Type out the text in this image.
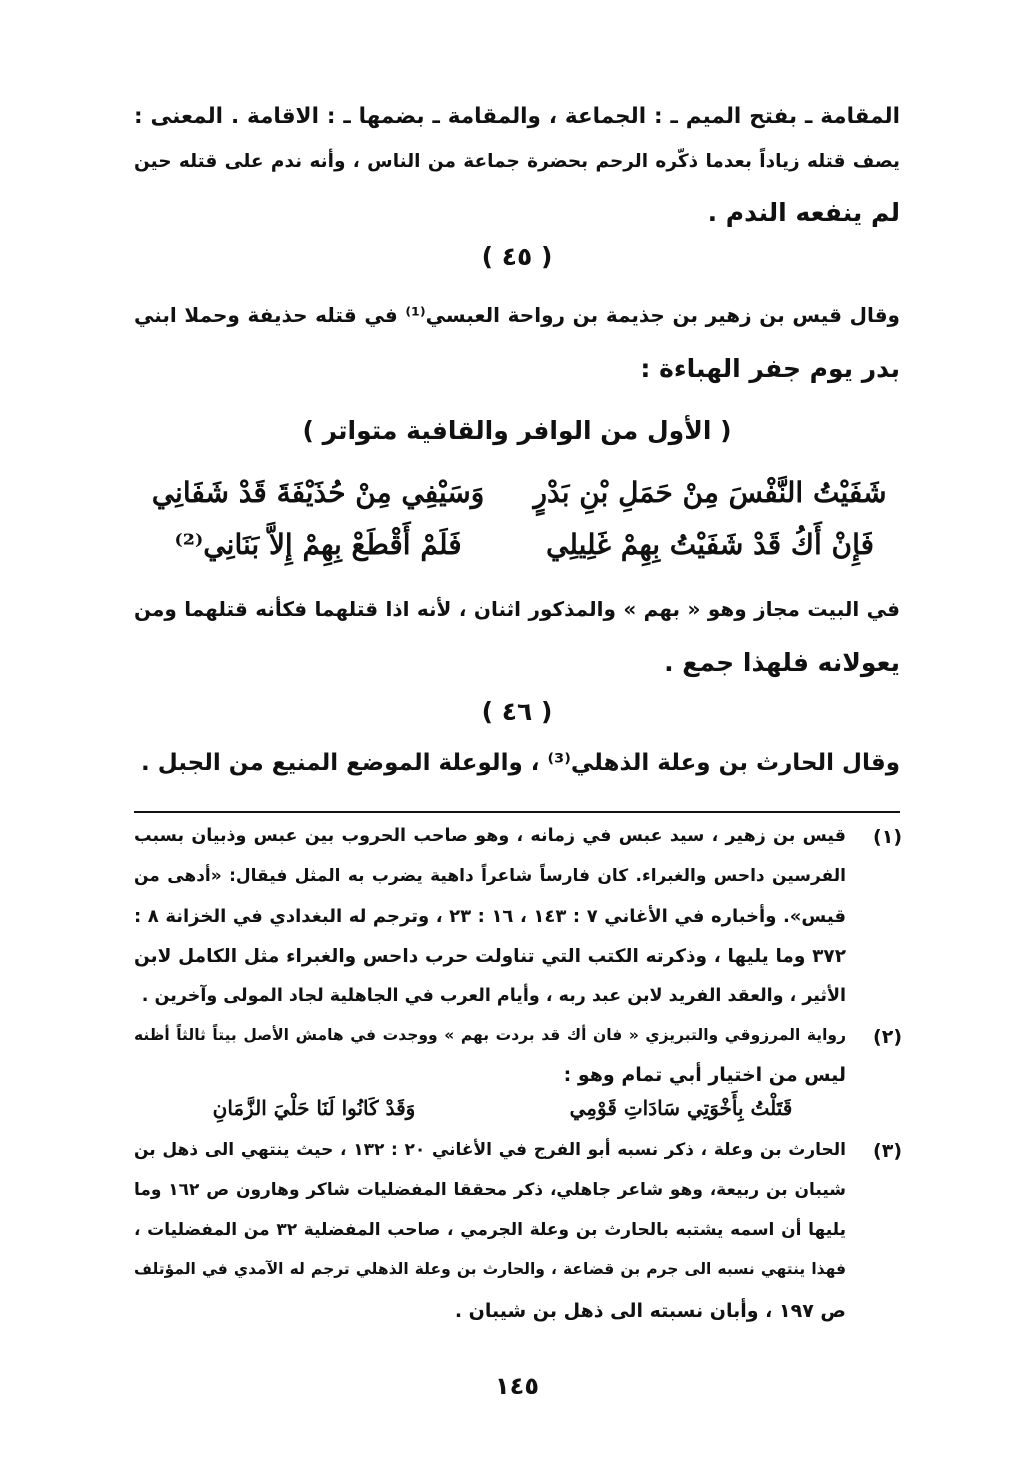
المقامة ـ بفتح الميم ـ : الجماعة ، والمقامة ـ بضمها ـ : الاقامة . المعنى :
يصف قتله زياداً بعدما ذكّره الرحم بحضرة جماعة من الناس ، وأنه ندم على قتله حين
لم ينفعه الندم .
( ٤٥ )
وقال قيس بن زهير بن جذيمة بن رواحة العبسي⁽¹⁾ في قتله حذيفة وحملا ابني
بدر يوم جفر الهباءة :
( الأول من الوافر والقافية متواتر )
شَفَيْتُ النَّفْسَ مِنْ حَمَلِ بْنِ بَدْرٍ
وَسَيْفِي مِنْ حُذَيْفَةَ قَدْ شَفَانِي
فَإِنْ أَكُ قَدْ شَفَيْتُ بِهِمْ غَلِيلِي
فَلَمْ أَقْطَعْ بِهِمْ إِلاَّ بَنَانِي⁽²⁾
في البيت مجاز وهو « بهم » والمذكور اثنان ، لأنه اذا قتلهما فكأنه قتلهما ومن
يعولانه فلهذا جمع .
( ٤٦ )
وقال الحارث بن وعلة الذهلي⁽³⁾ ، والوعلة الموضع المنيع من الجبل .
(١)
قيس بن زهير ، سيد عبس في زمانه ، وهو صاحب الحروب بين عبس وذبيان بسبب
الفرسين داحس والغبراء. كان فارساً شاعراً داهية يضرب به المثل فيقال: «أدهى من
قيس». وأخباره في الأغاني ٧ : ١٤٣ ، ١٦ : ٢٣ ، وترجم له البغدادي في الخزانة ٨ :
٣٧٢ وما يليها ، وذكرته الكتب التي تناولت حرب داحس والغبراء مثل الكامل لابن
الأثير ، والعقد الفريد لابن عبد ربه ، وأيام العرب في الجاهلية لجاد المولى وآخرين .
(٢)
رواية المرزوقي والتبريزي « فان أك قد بردت بهم » ووجدت في هامش الأصل بيتاً ثالثاً أظنه
ليس من اختيار أبي تمام وهو :
قَتَلْتُ بِأَخْوَتِي سَادَاتِ قَوْمِي
وَقَدْ كَانُوا لَنَا حَلْيَ الزَّمَانِ
(٣)
الحارث بن وعلة ، ذكر نسبه أبو الفرج في الأغاني ٢٠ : ١٣٢ ، حيث ينتهي الى ذهل بن
شيبان بن ربيعة، وهو شاعر جاهلي، ذكر محققا المفضليات شاكر وهارون ص ١٦٢ وما
يليها أن اسمه يشتبه بالحارث بن وعلة الجرمي ، صاحب المفضلية ٣٢ من المفضليات ،
فهذا ينتهي نسبه الى جرم بن قضاعة ، والحارث بن وعلة الذهلي ترجم له الآمدي في المؤتلف
ص ١٩٧ ، وأبان نسبته الى ذهل بن شيبان .
١٤٥
